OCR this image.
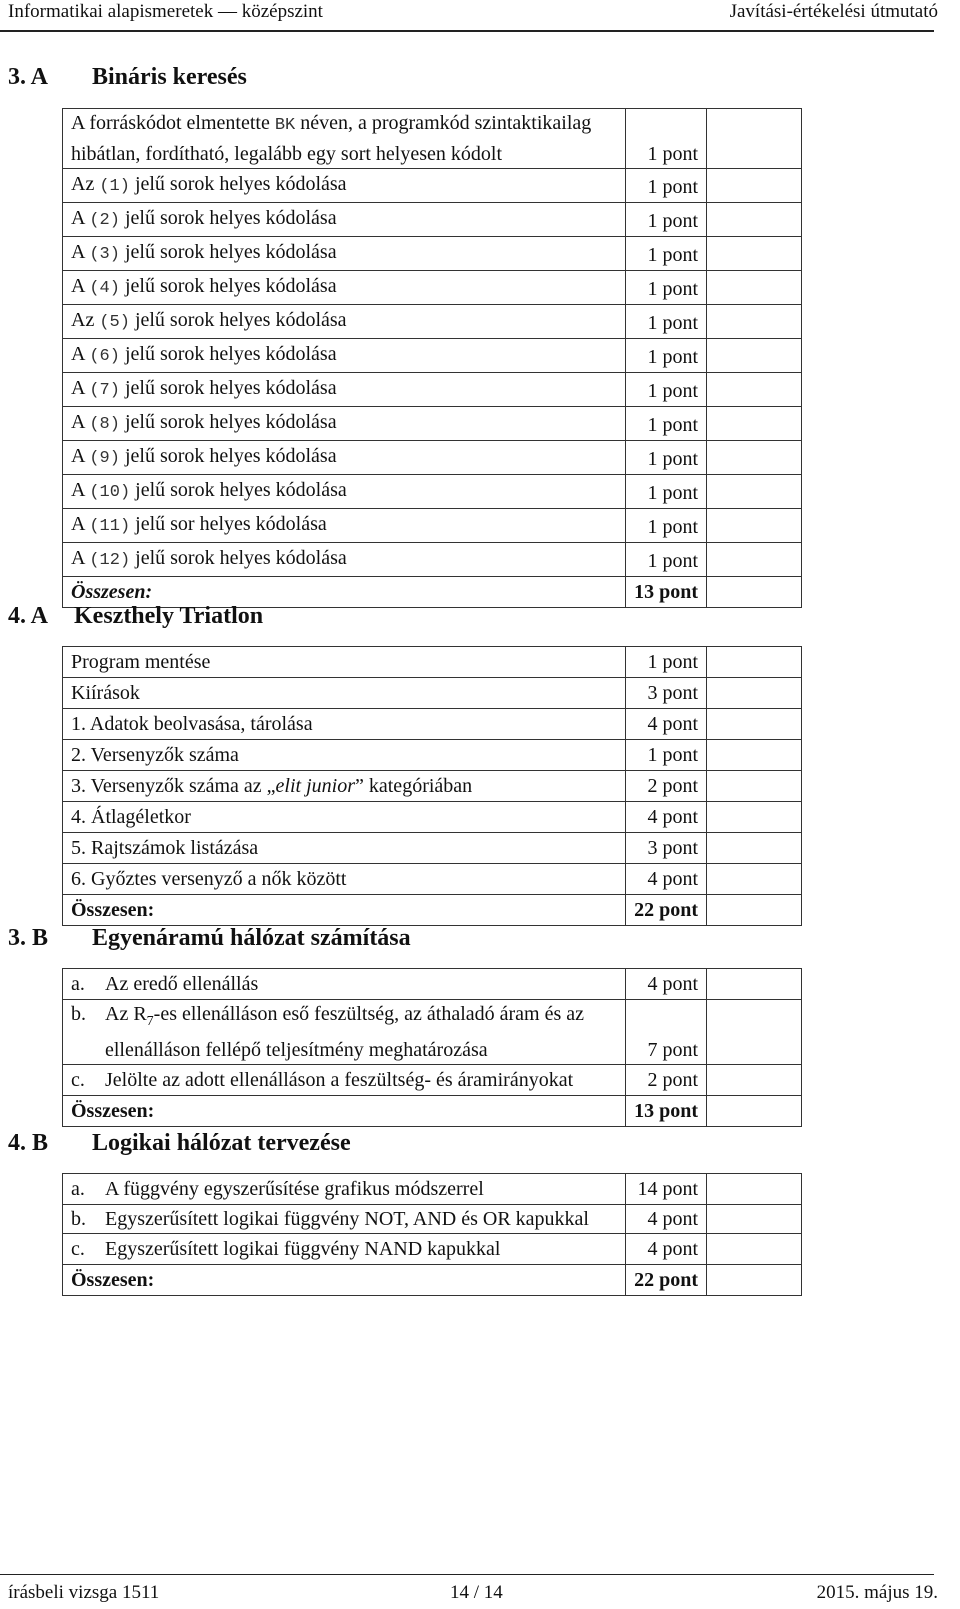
Informatikai alapismeretek — középszint	Javítási-értékelési útmutató
3. A Bináris keresés
A forráskódot elmentette BK néven, a programkód szintaktikailag hibátlan, fordítható, legalább egy sort helyesen kódolt	1 pont	
Az (1) jelű sorok helyes kódolása	1 pont	
A (2) jelű sorok helyes kódolása	1 pont	
A (3) jelű sorok helyes kódolása	1 pont	
A (4) jelű sorok helyes kódolása	1 pont	
Az (5) jelű sorok helyes kódolása	1 pont	
A (6) jelű sorok helyes kódolása	1 pont	
A (7) jelű sorok helyes kódolása	1 pont	
A (8) jelű sorok helyes kódolása	1 pont	
A (9) jelű sorok helyes kódolása	1 pont	
A (10) jelű sorok helyes kódolása	1 pont	
A (11) jelű sor helyes kódolása	1 pont	
A (12) jelű sorok helyes kódolása	1 pont	
Összesen:	13 pont	
4. A Keszthely Triatlon
Program mentése	1 pont	
Kiírások	3 pont	
1. Adatok beolvasása, tárolása	4 pont	
2. Versenyzők száma	1 pont	
3. Versenyzők száma az „elit junior” kategóriában	2 pont	
4. Átlagéletkor	4 pont	
5. Rajtszámok listázása	3 pont	
6. Győztes versenyző a nők között	4 pont	
Összesen:	22 pont	
3. B Egyenáramú hálózat számítása
a. Az eredő ellenállás	4 pont	

b. Az $R_7-es$ ellenálláson eső feszültség, az áthaladó áram és az ellenálláson fellépő teljesítmény meghatározása	7 pont	

c. Jelölte az adott ellenálláson a feszültség- és áramirányokat	2 pont	
Összesen:	13 pont	
4. B Logikai hálózat tervezése
a. A függvény egyszerűsítése grafikus módszerrel	14 pont	

b. Egyszerűsített logikai függvény NOT, AND és OR kapukkal	4 pont	

c. Egyszerűsített logikai függvény NAND kapukkal	4 pont	
Összesen:	22 pont	
írásbeli vizsga 1511	14 / 14	2015. május 19.
